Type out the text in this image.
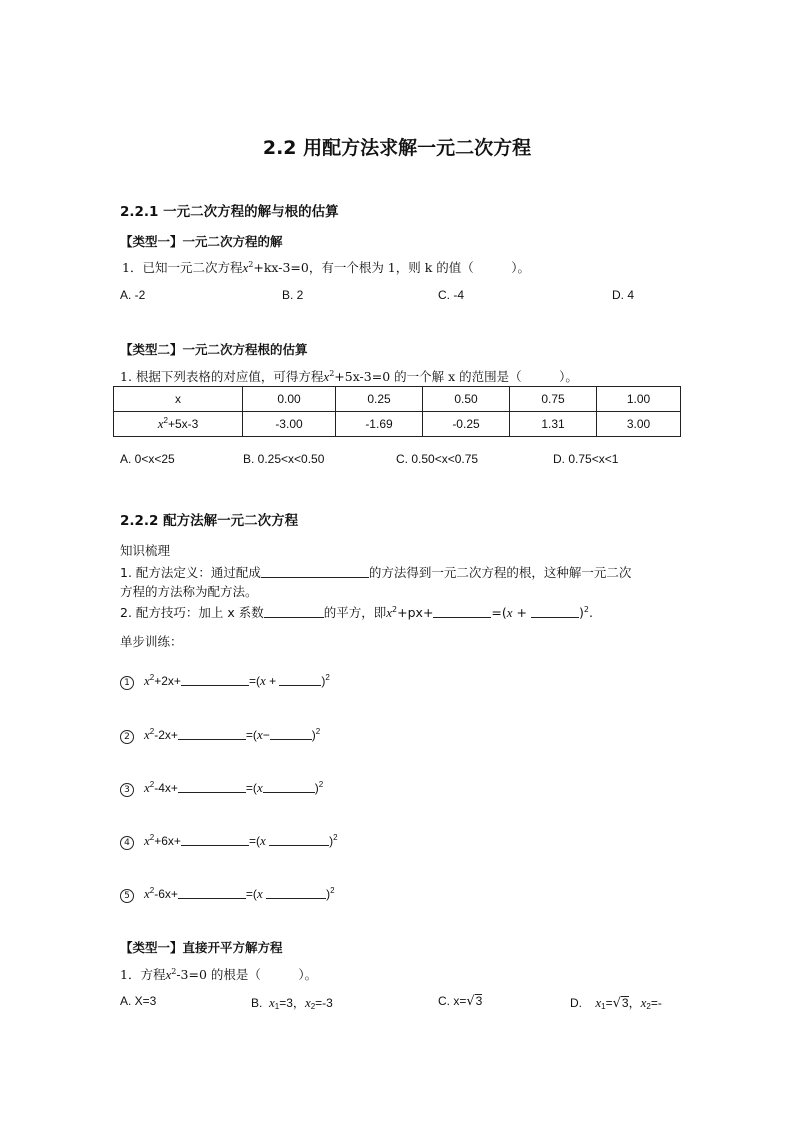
2.2 用配方法求解一元二次方程
2.2.1 一元二次方程的解与根的估算
【类型一】一元二次方程的解
1．已知一元二次方程$x^2+kx-3=0$，有一个根为 1，则 k 的值（　　　）。
A. -2	B. 2	C. -4	D. 4
【类型二】一元二次方程根的估算
1. 根据下列表格的对应值，可得方程$x^2+5x-3=0$ 的一个解 x 的范围是（　　　）。
x	0.00	0.25	0.50	0.75	1.00
$x^2+5x-3$	-3.00	-1.69	-0.25	1.31	3.00
A. 0<x<25	B. 0.25<x<0.50	C. 0.50<x<0.75	D. 0.75<x<1
2.2.2 配方法解一元二次方程
知识梳理
1. 配方法定义：通过配成	的方法得到一元二次方程的根，这种解一元二次
方程的方法称为配方法。
2. 配方技巧：加上 x 系数	的平方，即$x^2+px+$	=(x +	)$^2$.
单步训练：
1 $x^2+2x+$	=(x +	)$^2$
2 $x^2-2x+$	=(x−	)$^2$
3 $x^2-4x+$	=(x	)$^2$
4 $x^2+6x+$	=(x	)$^2$
5 $x^2-6x+$	=(x	)$^2$
【类型一】直接开平方解方程
1．方程$x^2-3=0$ 的根是（　　　）。
A. X=3	B. $x_1=3$，$x_2=-3$	C. x=√3	D. $x_1=√3$，$x_2=-$
